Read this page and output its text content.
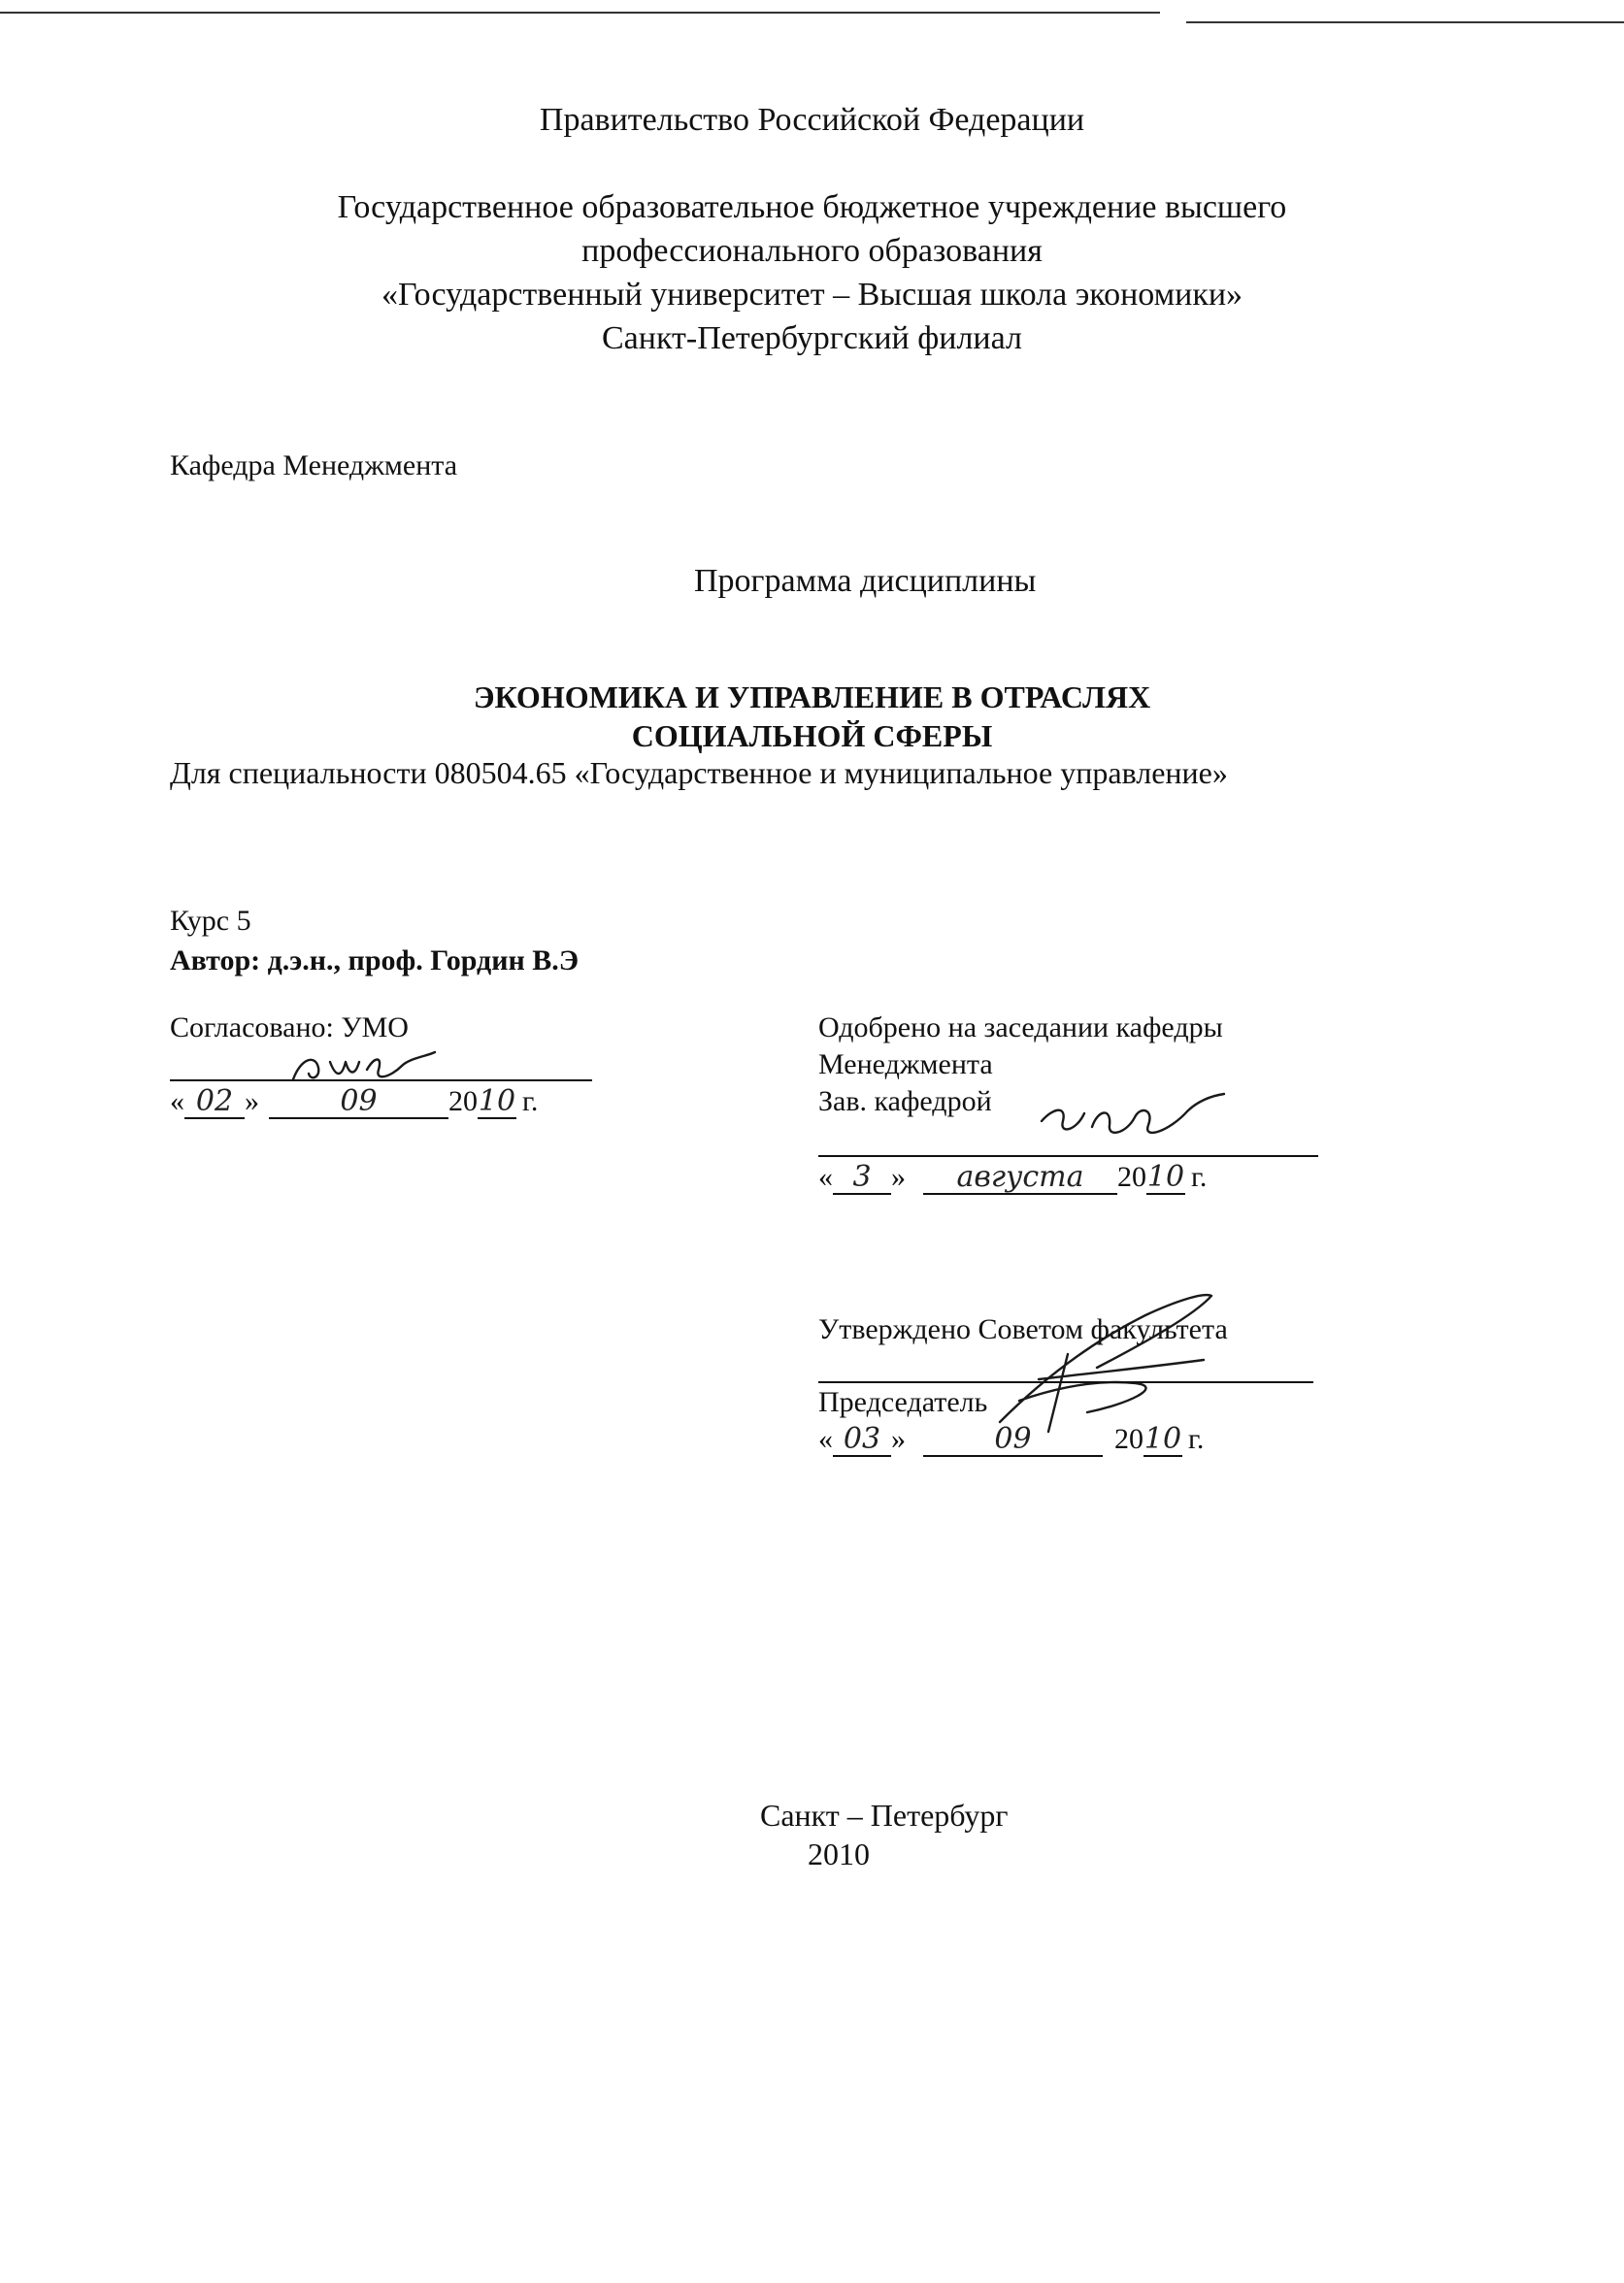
Правительство Российской Федерации
Государственное образовательное бюджетное учреждение высшего
профессионального образования
«Государственный университет – Высшая школа экономики»
Санкт-Петербургский филиал
Кафедра Менеджмента
Программа дисциплины
ЭКОНОМИКА И УПРАВЛЕНИЕ В ОТРАСЛЯХ
СОЦИАЛЬНОЙ СФЕРЫ
Для специальности 080504.65 «Государственное и муниципальное управление»
Курс 5
Автор: д.э.н., проф. Гордин В.Э
Согласовано: УМО
« 02 »	09 2010 г.
Одобрено на заседании кафедры
Менеджмента
Зав. кафедрой
« 3 » августа 2010 г.
Утверждено Советом факультета
Председатель
« 03 »	09	2010 г.
Санкт – Петербург
2010
